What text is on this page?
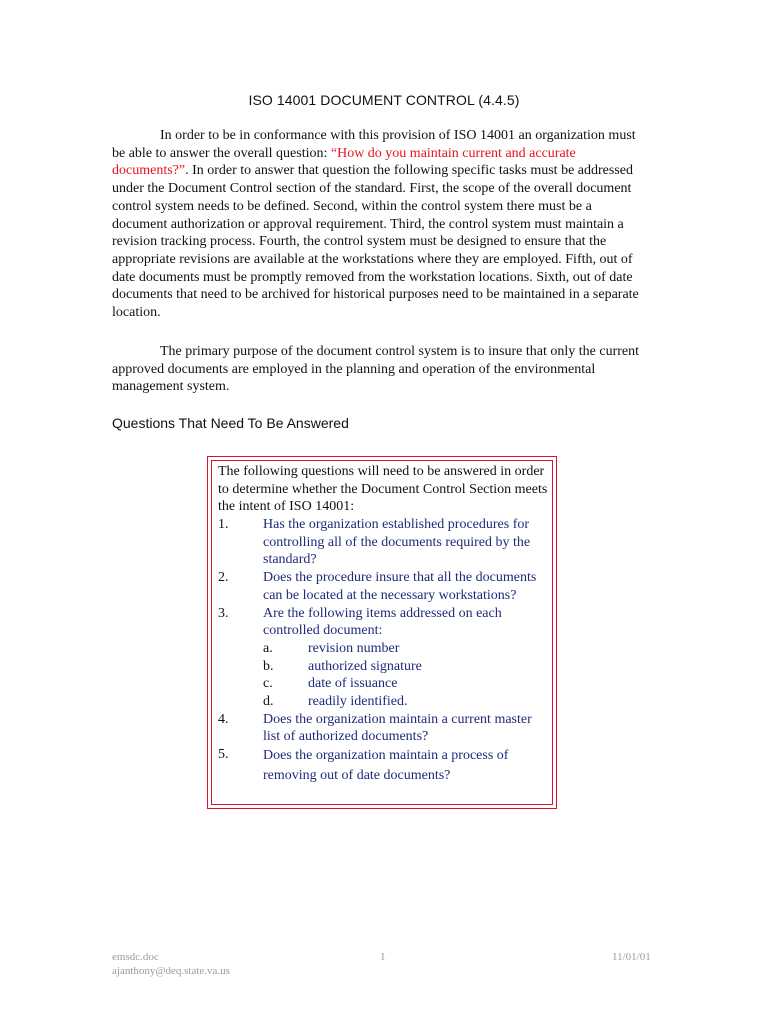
ISO 14001 DOCUMENT CONTROL (4.4.5)

In order to be in conformance with this provision of ISO 14001 an organization must be able to answer the overall question: “How do you maintain current and accurate documents?”. In order to answer that question the following specific tasks must be addressed under the Document Control section of the standard. First, the scope of the overall document control system needs to be defined. Second, within the control system there must be a document authorization or approval requirement. Third, the control system must maintain a revision tracking process. Fourth, the control system must be designed to ensure that the appropriate revisions are available at the workstations where they are employed. Fifth, out of date documents must be promptly removed from the workstation locations. Sixth, out of date documents that need to be archived for historical purposes need to be maintained in a separate location.

The primary purpose of the document control system is to insure that only the current approved documents are employed in the planning and operation of the environmental management system.

Questions That Need To Be Answered

The following questions will need to be answered in order to determine whether the Document Control Section meets the intent of ISO 14001:

1. Has the organization established procedures for controlling all of the documents required by the standard?
2. Does the procedure insure that all the documents can be located at the necessary workstations?
3. Are the following items addressed on each controlled document:
a.	revision number
b. authorized signature
c.	date of issuance
d. readily identified.
4. Does the organization maintain a current master list of authorized documents?
5. Does the organization maintain a process of removing out of date documents?
emsdc.doc
ajanthony@deq.state.va.us
1	11/01/01
